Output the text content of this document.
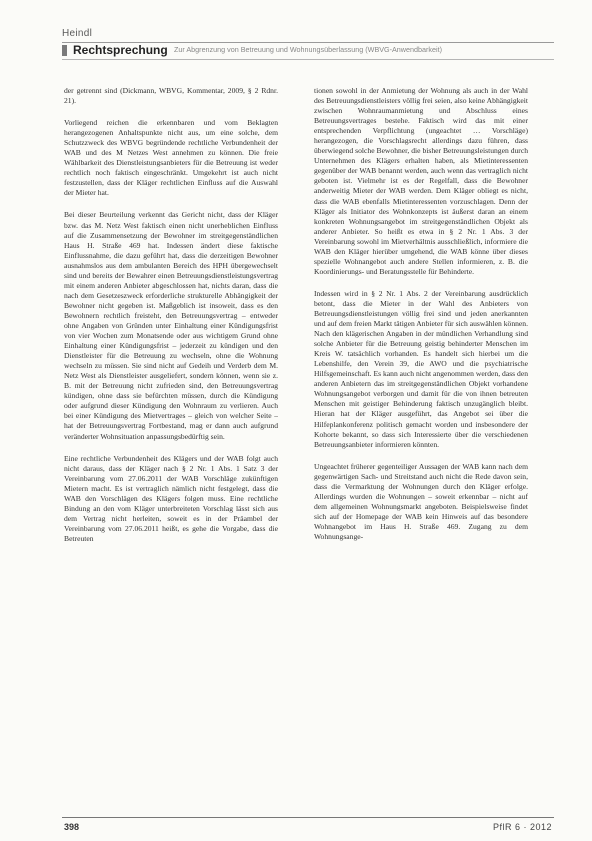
Heindl
Rechtsprechung Zur Abgrenzung von Betreuung und Wohnungsüberlassung (WBVG-Anwendbarkeit)

der getrennt sind (Dickmann, WBVG, Kommentar, 2009, § 2 Rdnr. 21).

Vorliegend reichen die erkennbaren und vom Beklagten herangezogenen Anhaltspunkte nicht aus, um eine solche, dem Schutzzweck des WBVG begründende rechtliche Verbundenheit der WAB und des M Netzes West annehmen zu können. Die freie Wählbarkeit des Dienstleistungsanbieters für die Betreuung ist weder rechtlich noch faktisch eingeschränkt. Umgekehrt ist auch nicht festzustellen, dass der Kläger rechtlichen Einfluss auf die Auswahl der Mieter hat.

Bei dieser Beurteilung verkennt das Gericht nicht, dass der Kläger bzw. das M. Netz West faktisch einen nicht unerheblichen Einfluss auf die Zusammensetzung der Bewohner im streitgegenständlichen Haus H. Straße 469 hat. Indessen ändert diese faktische Einflussnahme, die dazu geführt hat, dass die derzeitigen Bewohner ausnahmslos aus dem ambulanten Bereich des HPH übergewechselt sind und bereits der Bewahrer einen Betreuungsdienstleistungsvertrag mit einem anderen Anbieter abgeschlossen hat, nichts daran, dass die nach dem Gesetzeszweck erforderliche strukturelle Abhängigkeit der Bewohner nicht gegeben ist. Maßgeblich ist insoweit, dass es den Bewohnern rechtlich freisteht, den Betreuungsvertrag – entweder ohne Angaben von Gründen unter Einhaltung einer Kündigungsfrist von vier Wochen zum Monatsende oder aus wichtigem Grund ohne Einhaltung einer Kündigungsfrist – jederzeit zu kündigen und den Dienstleister für die Betreuung zu wechseln, ohne die Wohnung wechseln zu müssen. Sie sind nicht auf Gedeih und Verderb dem M. Netz West als Dienstleister ausgeliefert, sondern können, wenn sie z. B. mit der Betreuung nicht zufrieden sind, den Betreuungsvertrag kündigen, ohne dass sie befürchten müssen, durch die Kündigung oder aufgrund dieser Kündigung den Wohnraum zu verlieren. Auch bei einer Kündigung des Mietvertrages – gleich von welcher Seite – hat der Betreuungsvertrag Fortbestand, mag er dann auch aufgrund veränderter Wohnsituation anpassungsbedürftig sein.

Eine rechtliche Verbundenheit des Klägers und der WAB folgt auch nicht daraus, dass der Kläger nach § 2 Nr. 1 Abs. 1 Satz 3 der Vereinbarung vom 27.06.2011 der WAB Vorschläge zukünftigen Mietern macht. Es ist vertraglich nämlich nicht festgelegt, dass die WAB den Vorschlägen des Klägers folgen muss. Eine rechtliche Bindung an den vom Kläger unterbreiteten Vorschlag lässt sich aus dem Vertrag nicht herleiten, soweit es in der Präambel der Vereinbarung vom 27.06.2011 heißt, es gehe die Vorgabe, dass die Betreuten

tionen sowohl in der Anmietung der Wohnung als auch in der Wahl des Betreuungsdienstleisters völlig frei seien, also keine Abhängigkeit zwischen Wohnraumanmietung und Abschluss eines Betreuungsvertrages bestehe. Faktisch wird das mit einer entsprechenden Verpflichtung (ungeachtet … Vorschläge) herangezogen, die Vorschlagsrecht allerdings dazu führen, dass überwiegend solche Bewohner, die bisher Betreuungsleistungen durch Unternehmen des Klägers erhalten haben, als Mietinteressenten gegenüber der WAB benannt werden, auch wenn das vertraglich nicht geboten ist. Vielmehr ist es der Regelfall, dass die Bewohner anderweitig Mieter der WAB werden. Dem Kläger obliegt es nicht, dass die WAB ebenfalls Mietinteressenten vorzuschlagen. Denn der Kläger als Initiator des Wohnkonzepts ist äußerst daran an einem konkreten Wohnungsangebot im streitgegenständlichen Objekt als anderer Anbieter. So heißt es etwa in § 2 Nr. 1 Abs. 3 der Vereinbarung sowohl im Mietverhältnis ausschließlich, informiere die WAB den Kläger hierüber umgehend, die WAB könne über dieses spezielle Wohnangebot auch andere Stellen informieren, z. B. die Koordinierungs- und Beratungsstelle für Behinderte.

Indessen wird in § 2 Nr. 1 Abs. 2 der Vereinbarung ausdrücklich betont, dass die Mieter in der Wahl des Anbieters von Betreuungsdienstleistungen völlig frei sind und jeden anerkannten und auf dem freien Markt tätigen Anbieter für sich auswählen können. Nach den klägerischen Angaben in der mündlichen Verhandlung sind solche Anbieter für die Betreuung geistig behinderter Menschen im Kreis W. tatsächlich vorhanden. Es handelt sich hierbei um die Lebenshilfe, den Verein 39, die AWO und die psychiatrische Hilfsgemeinschaft. Es kann auch nicht angenommen werden, dass den anderen Anbietern das im streitgegenständlichen Objekt vorhandene Wohnungsangebot verborgen und damit für die von ihnen betreuten Menschen mit geistiger Behinderung faktisch unzugänglich bleibt. Hieran hat der Kläger ausgeführt, das Angebot sei über die Hilfeplankonferenz politisch gemacht worden und insbesondere der Kohorte bekannt, so dass sich Interessierte über die verschiedenen Betreuungsanbieter informieren könnten.

Ungeachtet früherer gegenteiliger Aussagen der WAB kann nach dem gegenwärtigen Sach- und Streitstand auch nicht die Rede davon sein, dass die Vermarktung der Wohnungen durch den Kläger erfolge. Allerdings wurden die Wohnungen – soweit erkennbar – nicht auf dem allgemeinen Wohnungsmarkt angeboten. Beispielsweise findet sich auf der Homepage der WAB kein Hinweis auf das besondere Wohnangebot im Haus H. Straße 469. Zugang zu dem Wohnungsange-

398	PflR 6 · 2012
